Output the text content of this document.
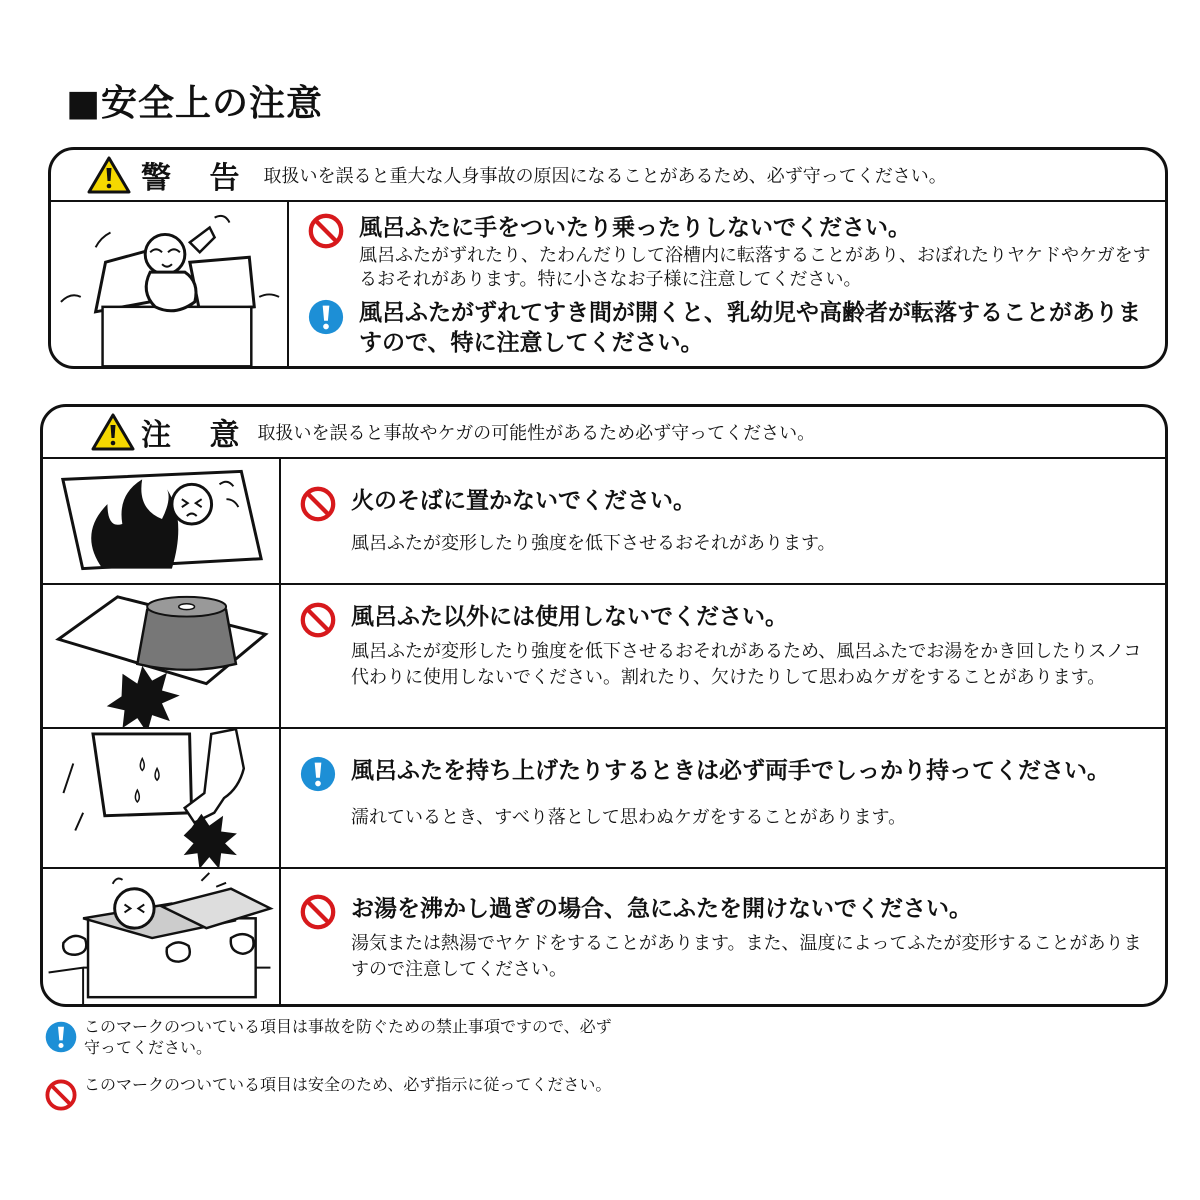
■安全上の注意
警 告 取扱いを誤ると重大な人身事故の原因になることがあるため、必ず守ってください。
風呂ふたに手をついたり乗ったりしないでください。
風呂ふたがずれたり、たわんだりして浴槽内に転落することがあり、おぼれたりヤケドやケガをするおそれがあります。特に小さなお子様に注意してください。
風呂ふたがずれてすき間が開くと、乳幼児や高齢者が転落することがありますので、特に注意してください。
注 意 取扱いを誤ると事故やケガの可能性があるため必ず守ってください。
火のそばに置かないでください。
風呂ふたが変形したり強度を低下させるおそれがあります。
風呂ふた以外には使用しないでください。
風呂ふたが変形したり強度を低下させるおそれがあるため、風呂ふたでお湯をかき回したりスノコ代わりに使用しないでください。割れたり、欠けたりして思わぬケガをすることがあります。
風呂ふたを持ち上げたりするときは必ず両手でしっかり持ってください。
濡れているとき、すべり落として思わぬケガをすることがあります。
お湯を沸かし過ぎの場合、急にふたを開けないでください。
湯気または熱湯でヤケドをすることがあります。また、温度によってふたが変形することがありますので注意してください。
このマークのついている項目は事故を防ぐための禁止事項ですので、必ず守ってください。
このマークのついている項目は安全のため、必ず指示に従ってください。
